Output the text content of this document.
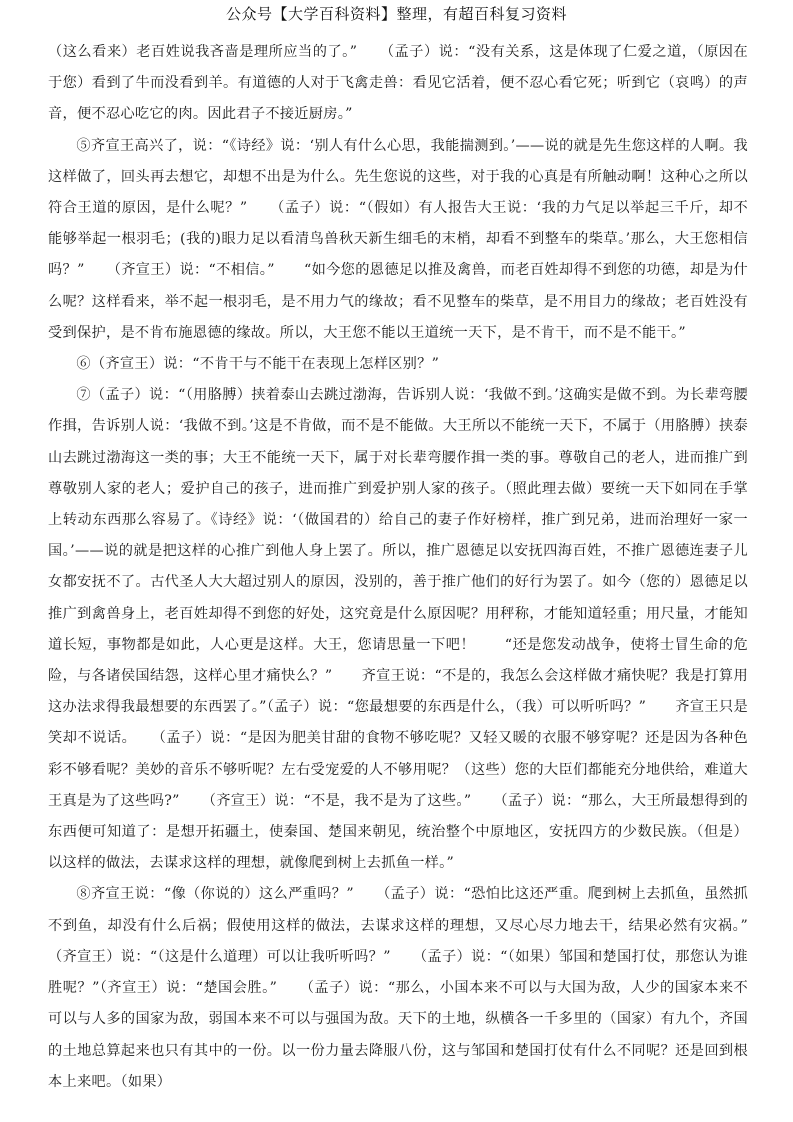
公众号【大学百科资料】整理，有超百科复习资料

（这么看来）老百姓说我吝啬是理所应当的了。”　　（孟子）说：“没有关系，这是体现了仁爱之道，（原因在于您）看到了牛而没看到羊。有道德的人对于飞禽走兽：看见它活着，便不忍心看它死；听到它（哀鸣）的声音，便不忍心吃它的肉。因此君子不接近厨房。”

⑤齐宣王高兴了，说：“《诗经》说：‘别人有什么心思，我能揣测到。’——说的就是先生您这样的人啊。我这样做了，回头再去想它，却想不出是为什么。先生您说的这些，对于我的心真是有所触动啊！这种心之所以符合王道的原因，是什么呢？”　　（孟子）说：“（假如）有人报告大王说：‘我的力气足以举起三千斤，却不能够举起一根羽毛；(我的)眼力足以看清鸟兽秋天新生细毛的末梢，却看不到整车的柴草。’那么，大王您相信吗？”　　（齐宣王）说：“不相信。”　　“如今您的恩德足以推及禽兽，而老百姓却得不到您的功德，却是为什么呢？这样看来，举不起一根羽毛，是不用力气的缘故；看不见整车的柴草，是不用目力的缘故；老百姓没有受到保护，是不肯布施恩德的缘故。所以，大王您不能以王道统一天下，是不肯干，而不是不能干。”

⑥（齐宣王）说：“不肯干与不能干在表现上怎样区别？”

⑦（孟子）说：“（用胳膊）挟着泰山去跳过渤海，告诉别人说：‘我做不到。’这确实是做不到。为长辈弯腰作揖，告诉别人说：‘我做不到。’这是不肯做，而不是不能做。大王所以不能统一天下，不属于（用胳膊）挟泰山去跳过渤海这一类的事；大王不能统一天下，属于对长辈弯腰作揖一类的事。尊敬自己的老人，进而推广到尊敬别人家的老人；爱护自己的孩子，进而推广到爱护别人家的孩子。（照此理去做）要统一天下如同在手掌上转动东西那么容易了。《诗经》说：‘（做国君的）给自己的妻子作好榜样，推广到兄弟，进而治理好一家一国。’——说的就是把这样的心推广到他人身上罢了。所以，推广恩德足以安抚四海百姓，不推广恩德连妻子儿女都安抚不了。古代圣人大大超过别人的原因，没别的，善于推广他们的好行为罢了。如今（您的）恩德足以推广到禽兽身上，老百姓却得不到您的好处，这究竟是什么原因呢？用秤称，才能知道轻重；用尺量，才能知道长短，事物都是如此，人心更是这样。大王，您请思量一下吧！　　“还是您发动战争，使将士冒生命的危险，与各诸侯国结怨，这样心里才痛快么？”　　齐宣王说：“不是的，我怎么会这样做才痛快呢？我是打算用这办法求得我最想要的东西罢了。”（孟子）说：“您最想要的东西是什么，（我）可以听听吗？”　　齐宣王只是笑却不说话。　　（孟子）说：“是因为肥美甘甜的食物不够吃呢？又轻又暖的衣服不够穿呢？还是因为各种色彩不够看呢？美妙的音乐不够听呢？左右受宠爱的人不够用呢？（这些）您的大臣们都能充分地供给，难道大王真是为了这些吗?”　　（齐宣王）说：“不是，我不是为了这些。”　　（孟子）说：“那么，大王所最想得到的东西便可知道了：是想开拓疆土，使秦国、楚国来朝见，统治整个中原地区，安抚四方的少数民族。（但是）以这样的做法，去谋求这样的理想，就像爬到树上去抓鱼一样。”

⑧齐宣王说：“像（你说的）这么严重吗？”　　（孟子）说：“恐怕比这还严重。爬到树上去抓鱼，虽然抓不到鱼，却没有什么后祸；假使用这样的做法，去谋求这样的理想，又尽心尽力地去干，结果必然有灾祸。”　　（齐宣王）说：“（这是什么道理）可以让我听听吗？”　　（孟子）说：“（如果）邹国和楚国打仗，那您认为谁胜呢？”（齐宣王）说：“楚国会胜。”　　（孟子）说：“那么，小国本来不可以与大国为敌，人少的国家本来不可以与人多的国家为敌，弱国本来不可以与强国为敌。天下的土地，纵横各一千多里的（国家）有九个，齐国的土地总算起来也只有其中的一份。以一份力量去降服八份，这与邹国和楚国打仗有什么不同呢？还是回到根本上来吧。（如果）
